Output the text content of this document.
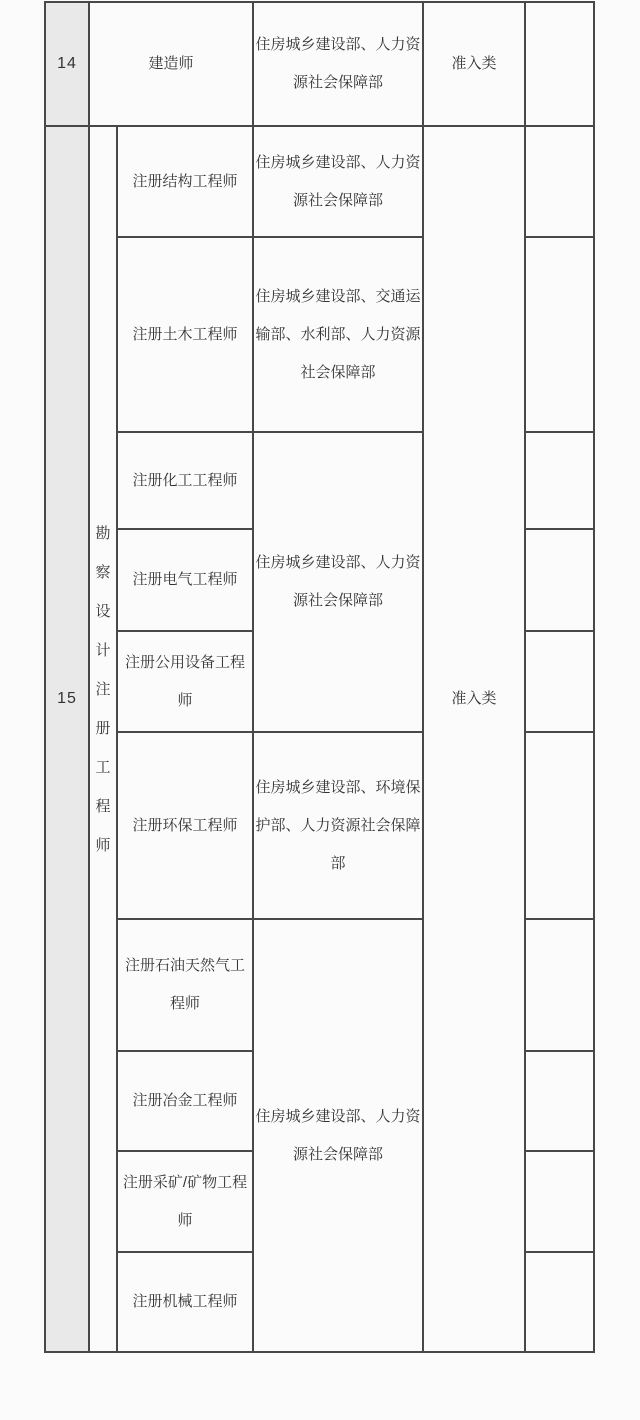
14	建造师		住房城乡建设部、人力资源社会保障部	准入类	
15	勘察设计注册工程师	注册结构工程师	住房城乡建设部、人力资源社会保障部	准入类	
		注册土木工程师	住房城乡建设部、交通运输部、水利部、人力资源社会保障部		
		注册化工工程师	住房城乡建设部、人力资源社会保障部		
		注册电气工程师			
		注册公用设备工程师			
		注册环保工程师	住房城乡建设部、环境保护部、人力资源社会保障部		
		注册石油天然气工程师	住房城乡建设部、人力资源社会保障部		
		注册冶金工程师			
		注册采矿/矿物工程师			
		注册机械工程师			
